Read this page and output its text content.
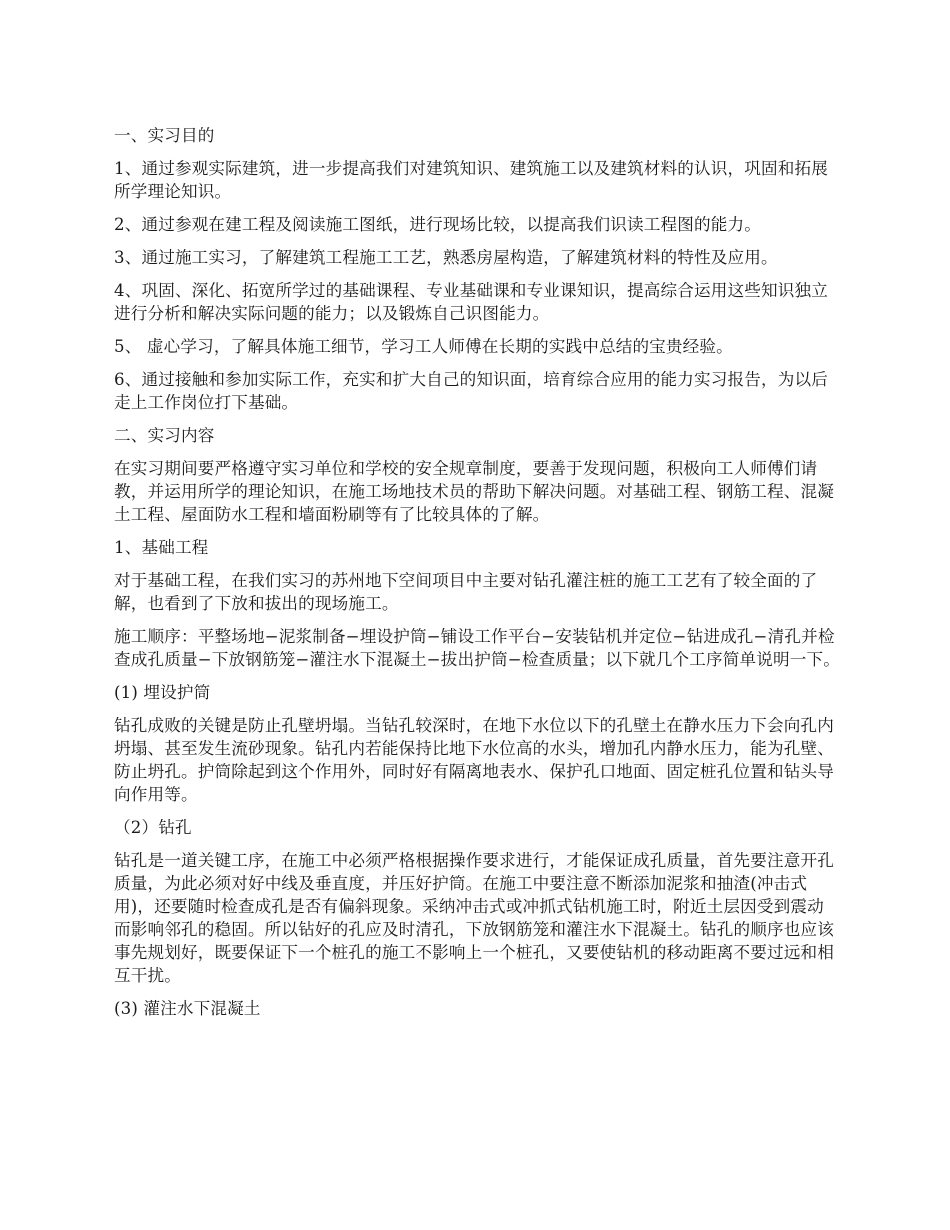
一、实习目的

1、通过参观实际建筑，进一步提高我们对建筑知识、建筑施工以及建筑材料的认识，巩固和拓展所学理论知识。

2、通过参观在建工程及阅读施工图纸，进行现场比较，以提高我们识读工程图的能力。

3、通过施工实习，了解建筑工程施工工艺，熟悉房屋构造，了解建筑材料的特性及应用。

4、巩固、深化、拓宽所学过的基础课程、专业基础课和专业课知识，提高综合运用这些知识独立进行分析和解决实际问题的能力；以及锻炼自己识图能力。

5、 虚心学习，了解具体施工细节，学习工人师傅在长期的实践中总结的宝贵经验。

6、通过接触和参加实际工作，充实和扩大自己的知识面，培育综合应用的能力实习报告，为以后走上工作岗位打下基础。

二、实习内容

在实习期间要严格遵守实习单位和学校的安全规章制度，要善于发现问题，积极向工人师傅们请教，并运用所学的理论知识，在施工场地技术员的帮助下解决问题。对基础工程、钢筋工程、混凝土工程、屋面防水工程和墙面粉刷等有了比较具体的了解。

1、基础工程

对于基础工程，在我们实习的苏州地下空间项目中主要对钻孔灌注桩的施工工艺有了较全面的了解，也看到了下放和拔出的现场施工。

施工顺序：平整场地−泥浆制备−埋设护筒−铺设工作平台−安装钻机并定位−钻进成孔−清孔并检查成孔质量−下放钢筋笼−灌注水下混凝土−拔出护筒−检查质量；以下就几个工序简单说明一下。

(1) 埋设护筒

钻孔成败的关键是防止孔壁坍塌。当钻孔较深时，在地下水位以下的孔壁土在静水压力下会向孔内坍塌、甚至发生流砂现象。钻孔内若能保持比地下水位高的水头，增加孔内静水压力，能为孔壁、防止坍孔。护筒除起到这个作用外，同时好有隔离地表水、保护孔口地面、固定桩孔位置和钻头导向作用等。

（2）钻孔

钻孔是一道关键工序，在施工中必须严格根据操作要求进行，才能保证成孔质量，首先要注意开孔质量，为此必须对好中线及垂直度，并压好护筒。在施工中要注意不断添加泥浆和抽渣(冲击式用)，还要随时检查成孔是否有偏斜现象。采纳冲击式或冲抓式钻机施工时，附近土层因受到震动而影响邻孔的稳固。所以钻好的孔应及时清孔，下放钢筋笼和灌注水下混凝土。钻孔的顺序也应该事先规划好，既要保证下一个桩孔的施工不影响上一个桩孔，又要使钻机的移动距离不要过远和相互干扰。

(3) 灌注水下混凝土
